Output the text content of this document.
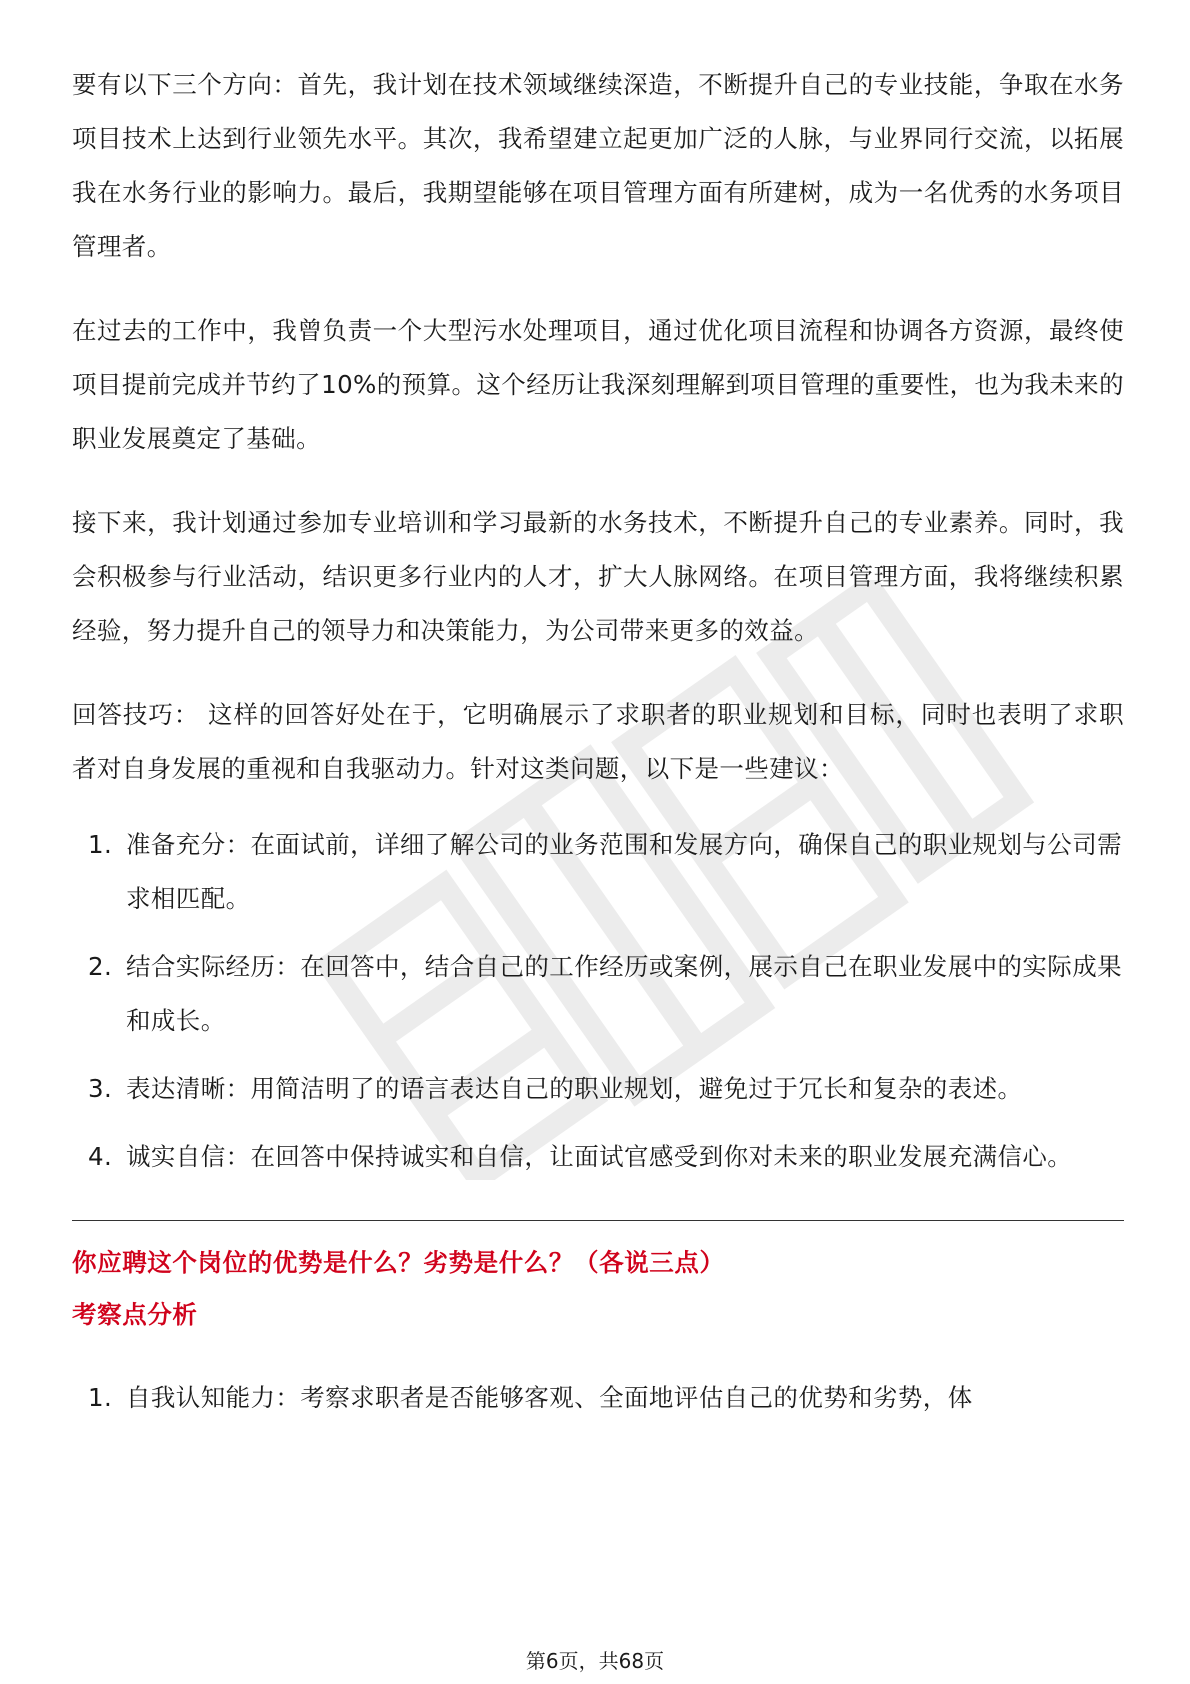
要有以下三个方向：首先，我计划在技术领域继续深造，不断提升自己的专业技能，争取在水务项目技术上达到行业领先水平。其次，我希望建立起更加广泛的人脉，与业界同行交流，以拓展我在水务行业的影响力。最后，我期望能够在项目管理方面有所建树，成为一名优秀的水务项目管理者。

在过去的工作中，我曾负责一个大型污水处理项目，通过优化项目流程和协调各方资源，最终使项目提前完成并节约了10%的预算。这个经历让我深刻理解到项目管理的重要性，也为我未来的职业发展奠定了基础。

接下来，我计划通过参加专业培训和学习最新的水务技术，不断提升自己的专业素养。同时，我会积极参与行业活动，结识更多行业内的人才，扩大人脉网络。在项目管理方面，我将继续积累经验，努力提升自己的领导力和决策能力，为公司带来更多的效益。

回答技巧： 这样的回答好处在于，它明确展示了求职者的职业规划和目标，同时也表明了求职者对自身发展的重视和自我驱动力。针对这类问题，以下是一些建议：

1. 准备充分：在面试前，详细了解公司的业务范围和发展方向，确保自己的职业规划与公司需求相匹配。
2. 结合实际经历：在回答中，结合自己的工作经历或案例，展示自己在职业发展中的实际成果和成长。
3. 表达清晰：用简洁明了的语言表达自己的职业规划，避免过于冗长和复杂的表述。
4. 诚实自信：在回答中保持诚实和自信，让面试官感受到你对未来的职业发展充满信心。

你应聘这个岗位的优势是什么？劣势是什么？（各说三点）

考察点分析

1. 自我认知能力：考察求职者是否能够客观、全面地评估自己的优势和劣势，体
第6页，共68页
